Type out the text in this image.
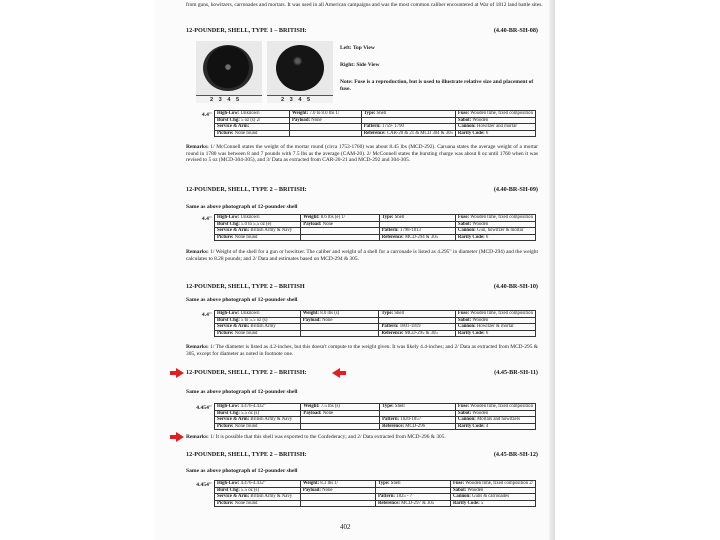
from guns, howitzers, carronades and mortars. It was used in all American campaigns and was the most common caliber encountered at War of 1812 land battle sites.
2 3 4 5	2 3 4 5
Left: Top View
Right: Side View
Note: Fuse is a reproduction, but is used to illustrate relative size and placement of fuse.
12-POUNDER, SHELL, TYPE 1 – BRITISH:	(4.40-BR-SH-08)
4.4" High-Low: Unknown	Weight: 7.0 to 8.0 lbs 1/	Type: Shell	Fuse: Wooden time, fixed composition
Burst Chg: 5 oz (s) 2/	Payload: None		Sabot: Wooden
Service & Arm:		Pattern: 1759- 1790	Cannon: Howitzer and mortar
Picture: None found		Reference: CAR-20 & 21 & MCD 304 & 305	Rarity Code: 6
Remarks: 1/ McConnell states the weight of the mortar round (circa 1753-1760) was about 8.45 lbs (MCD-292). Caruana states the average weight of a mortar round in 1780 was between 8 and 7 pounds with 7.5 lbs as the average (CAM-20). 2/ McConnell states the bursting charge was about 8 oz until 1760 when it was revised to 5 oz (MCD-304-305), and 3/ Data as extracted from CAR-20-21 and MCD-292 and 304-305.
12-POUNDER, SHELL, TYPE 2 – BRITISH:	(4.40-BR-SH-09)
Same as above photograph of 12-pounder shell
4.4" High-Low: Unknown	Weight: 8.6 lbs (e) 1/	Type: Shell	Fuse: Wooden time, fixed composition
Burst Chg: 5.0 to 5.5 oz (e)	Payload: None		Sabot: Wooden
Service & Arm: British Army & Navy		Pattern: 1798-1813	Cannon: Gun, howitzer & mortar
Picture: None found		Reference: MCD-294 & 305	Rarity Code: 6
Remarks: 1/ Weight of the shell for a gun or howitzer. The caliber and weight of a shell for a carronade is listed as 4.295" in diameter (MCD-294) and the weight calculates to 8.28 pounds; and 2/ Data and estimates based on MCD-294 & 305.
12-POUNDER, SHELL, TYPE 2 – BRITISH	(4.40-BR-SH-10)
Same as above photograph of 12-pounder shell
4.4" High-Low: Unknown	Weight: 8.0 lbs (s)	Type: Shell	Fuse: Wooden time, fixed composition
Burst Chg: 5 to 5.5 oz (s)	Payload: None		Sabot: Wooden
Service & Arm: British Army		Pattern: 1801-1819	Cannon: Howitzer & mortar
Picture: None found		Reference: MCD-295 & 305	Rarity Code: 6
Remarks: 1/ The diameter is listed as 4.2-inches, but this doesn't compute to the weight given. It was likely 4.4-inches; and 2/ Data as extracted from MCD-295 & 305, except for diameter as noted in footnote one.
12-POUNDER, SHELL, TYPE 2 – BRITISH:	(4.45-BR-SH-11)
Same as above photograph of 12-pounder shell
4.454" High-Low: 4.476-4.432"	Weight: 7.5 lbs (s)	Type: Shell	Fuse: Wooden time, fixed composition
Burst Chg: 5.5 oz (s)	Payload: None		Sabot: Wooden
Service & Arm: British Army & Navy		Pattern: 1820-1857	Cannon: Mortars and howitzers
Picture: None found		Reference: MCD-296	Rarity Code: 4
Remarks: 1/ It is possible that this shell was exported to the Confederacy; and 2/ Data extracted from MCD-296 & 305.
12-POUNDER, SHELL, TYPE 2 – BRITISH:	(4.45-BR-SH-12)
Same as above photograph of 12-pounder shell
4.454" High-Low: 4.476-4.432"	Weight: 8.3 lbs 1/	Type: Shell	Fuse: Wooden time, fixed composition 2/
Burst Chg: 5.5 oz (s)	Payload: None		Sabot: Wooden
Service & Arm: British Army & Navy		Pattern: 1825 - ?	Cannon: Guns & carronades
Picture: None found		Reference: MCD-297 & 305	Rarity Code: 5
402
